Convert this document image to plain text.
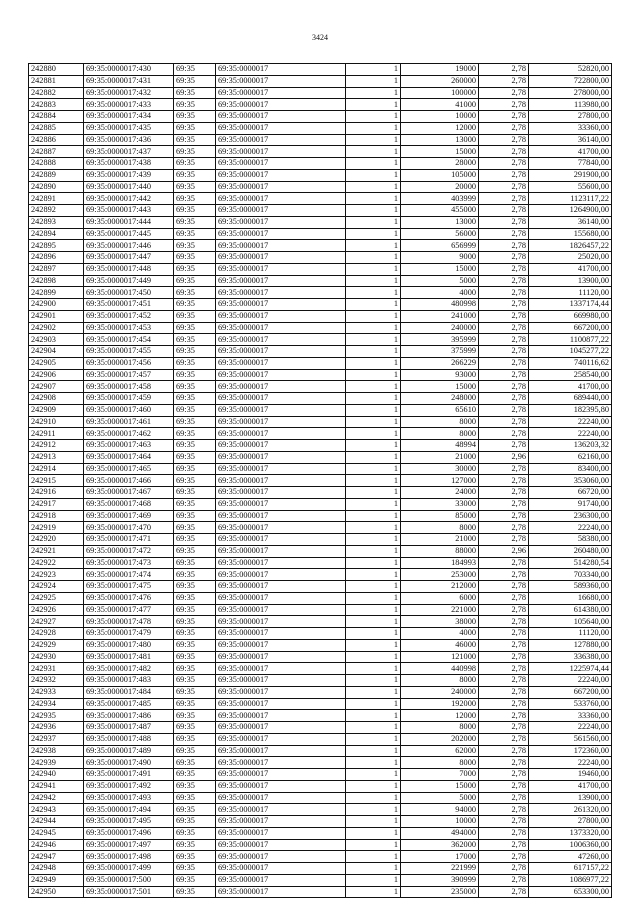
3424
242880	69:35:0000017:430	69:35	69:35:0000017	1	19000	2,78	52820,00
242881	69:35:0000017:431	69:35	69:35:0000017	1	260000	2,78	722800,00
242882	69:35:0000017:432	69:35	69:35:0000017	1	100000	2,78	278000,00
242883	69:35:0000017:433	69:35	69:35:0000017	1	41000	2,78	113980,00
242884	69:35:0000017:434	69:35	69:35:0000017	1	10000	2,78	27800,00
242885	69:35:0000017:435	69:35	69:35:0000017	1	12000	2,78	33360,00
242886	69:35:0000017:436	69:35	69:35:0000017	1	13000	2,78	36140,00
242887	69:35:0000017:437	69:35	69:35:0000017	1	15000	2,78	41700,00
242888	69:35:0000017:438	69:35	69:35:0000017	1	28000	2,78	77840,00
242889	69:35:0000017:439	69:35	69:35:0000017	1	105000	2,78	291900,00
242890	69:35:0000017:440	69:35	69:35:0000017	1	20000	2,78	55600,00
242891	69:35:0000017:442	69:35	69:35:0000017	1	403999	2,78	1123117,22
242892	69:35:0000017:443	69:35	69:35:0000017	1	455000	2,78	1264900,00
242893	69:35:0000017:444	69:35	69:35:0000017	1	13000	2,78	36140,00
242894	69:35:0000017:445	69:35	69:35:0000017	1	56000	2,78	155680,00
242895	69:35:0000017:446	69:35	69:35:0000017	1	656999	2,78	1826457,22
242896	69:35:0000017:447	69:35	69:35:0000017	1	9000	2,78	25020,00
242897	69:35:0000017:448	69:35	69:35:0000017	1	15000	2,78	41700,00
242898	69:35:0000017:449	69:35	69:35:0000017	1	5000	2,78	13900,00
242899	69:35:0000017:450	69:35	69:35:0000017	1	4000	2,78	11120,00
242900	69:35:0000017:451	69:35	69:35:0000017	1	480998	2,78	1337174,44
242901	69:35:0000017:452	69:35	69:35:0000017	1	241000	2,78	669980,00
242902	69:35:0000017:453	69:35	69:35:0000017	1	240000	2,78	667200,00
242903	69:35:0000017:454	69:35	69:35:0000017	1	395999	2,78	1100877,22
242904	69:35:0000017:455	69:35	69:35:0000017	1	375999	2,78	1045277,22
242905	69:35:0000017:456	69:35	69:35:0000017	1	266229	2,78	740116,62
242906	69:35:0000017:457	69:35	69:35:0000017	1	93000	2,78	258540,00
242907	69:35:0000017:458	69:35	69:35:0000017	1	15000	2,78	41700,00
242908	69:35:0000017:459	69:35	69:35:0000017	1	248000	2,78	689440,00
242909	69:35:0000017:460	69:35	69:35:0000017	1	65610	2,78	182395,80
242910	69:35:0000017:461	69:35	69:35:0000017	1	8000	2,78	22240,00
242911	69:35:0000017:462	69:35	69:35:0000017	1	8000	2,78	22240,00
242912	69:35:0000017:463	69:35	69:35:0000017	1	48994	2,78	136203,32
242913	69:35:0000017:464	69:35	69:35:0000017	1	21000	2,96	62160,00
242914	69:35:0000017:465	69:35	69:35:0000017	1	30000	2,78	83400,00
242915	69:35:0000017:466	69:35	69:35:0000017	1	127000	2,78	353060,00
242916	69:35:0000017:467	69:35	69:35:0000017	1	24000	2,78	66720,00
242917	69:35:0000017:468	69:35	69:35:0000017	1	33000	2,78	91740,00
242918	69:35:0000017:469	69:35	69:35:0000017	1	85000	2,78	236300,00
242919	69:35:0000017:470	69:35	69:35:0000017	1	8000	2,78	22240,00
242920	69:35:0000017:471	69:35	69:35:0000017	1	21000	2,78	58380,00
242921	69:35:0000017:472	69:35	69:35:0000017	1	88000	2,96	260480,00
242922	69:35:0000017:473	69:35	69:35:0000017	1	184993	2,78	514280,54
242923	69:35:0000017:474	69:35	69:35:0000017	1	253000	2,78	703340,00
242924	69:35:0000017:475	69:35	69:35:0000017	1	212000	2,78	589360,00
242925	69:35:0000017:476	69:35	69:35:0000017	1	6000	2,78	16680,00
242926	69:35:0000017:477	69:35	69:35:0000017	1	221000	2,78	614380,00
242927	69:35:0000017:478	69:35	69:35:0000017	1	38000	2,78	105640,00
242928	69:35:0000017:479	69:35	69:35:0000017	1	4000	2,78	11120,00
242929	69:35:0000017:480	69:35	69:35:0000017	1	46000	2,78	127880,00
242930	69:35:0000017:481	69:35	69:35:0000017	1	121000	2,78	336380,00
242931	69:35:0000017:482	69:35	69:35:0000017	1	440998	2,78	1225974,44
242932	69:35:0000017:483	69:35	69:35:0000017	1	8000	2,78	22240,00
242933	69:35:0000017:484	69:35	69:35:0000017	1	240000	2,78	667200,00
242934	69:35:0000017:485	69:35	69:35:0000017	1	192000	2,78	533760,00
242935	69:35:0000017:486	69:35	69:35:0000017	1	12000	2,78	33360,00
242936	69:35:0000017:487	69:35	69:35:0000017	1	8000	2,78	22240,00
242937	69:35:0000017:488	69:35	69:35:0000017	1	202000	2,78	561560,00
242938	69:35:0000017:489	69:35	69:35:0000017	1	62000	2,78	172360,00
242939	69:35:0000017:490	69:35	69:35:0000017	1	8000	2,78	22240,00
242940	69:35:0000017:491	69:35	69:35:0000017	1	7000	2,78	19460,00
242941	69:35:0000017:492	69:35	69:35:0000017	1	15000	2,78	41700,00
242942	69:35:0000017:493	69:35	69:35:0000017	1	5000	2,78	13900,00
242943	69:35:0000017:494	69:35	69:35:0000017	1	94000	2,78	261320,00
242944	69:35:0000017:495	69:35	69:35:0000017	1	10000	2,78	27800,00
242945	69:35:0000017:496	69:35	69:35:0000017	1	494000	2,78	1373320,00
242946	69:35:0000017:497	69:35	69:35:0000017	1	362000	2,78	1006360,00
242947	69:35:0000017:498	69:35	69:35:0000017	1	17000	2,78	47260,00
242948	69:35:0000017:499	69:35	69:35:0000017	1	221999	2,78	617157,22
242949	69:35:0000017:500	69:35	69:35:0000017	1	390999	2,78	1086977,22
242950	69:35:0000017:501	69:35	69:35:0000017	1	235000	2,78	653300,00
